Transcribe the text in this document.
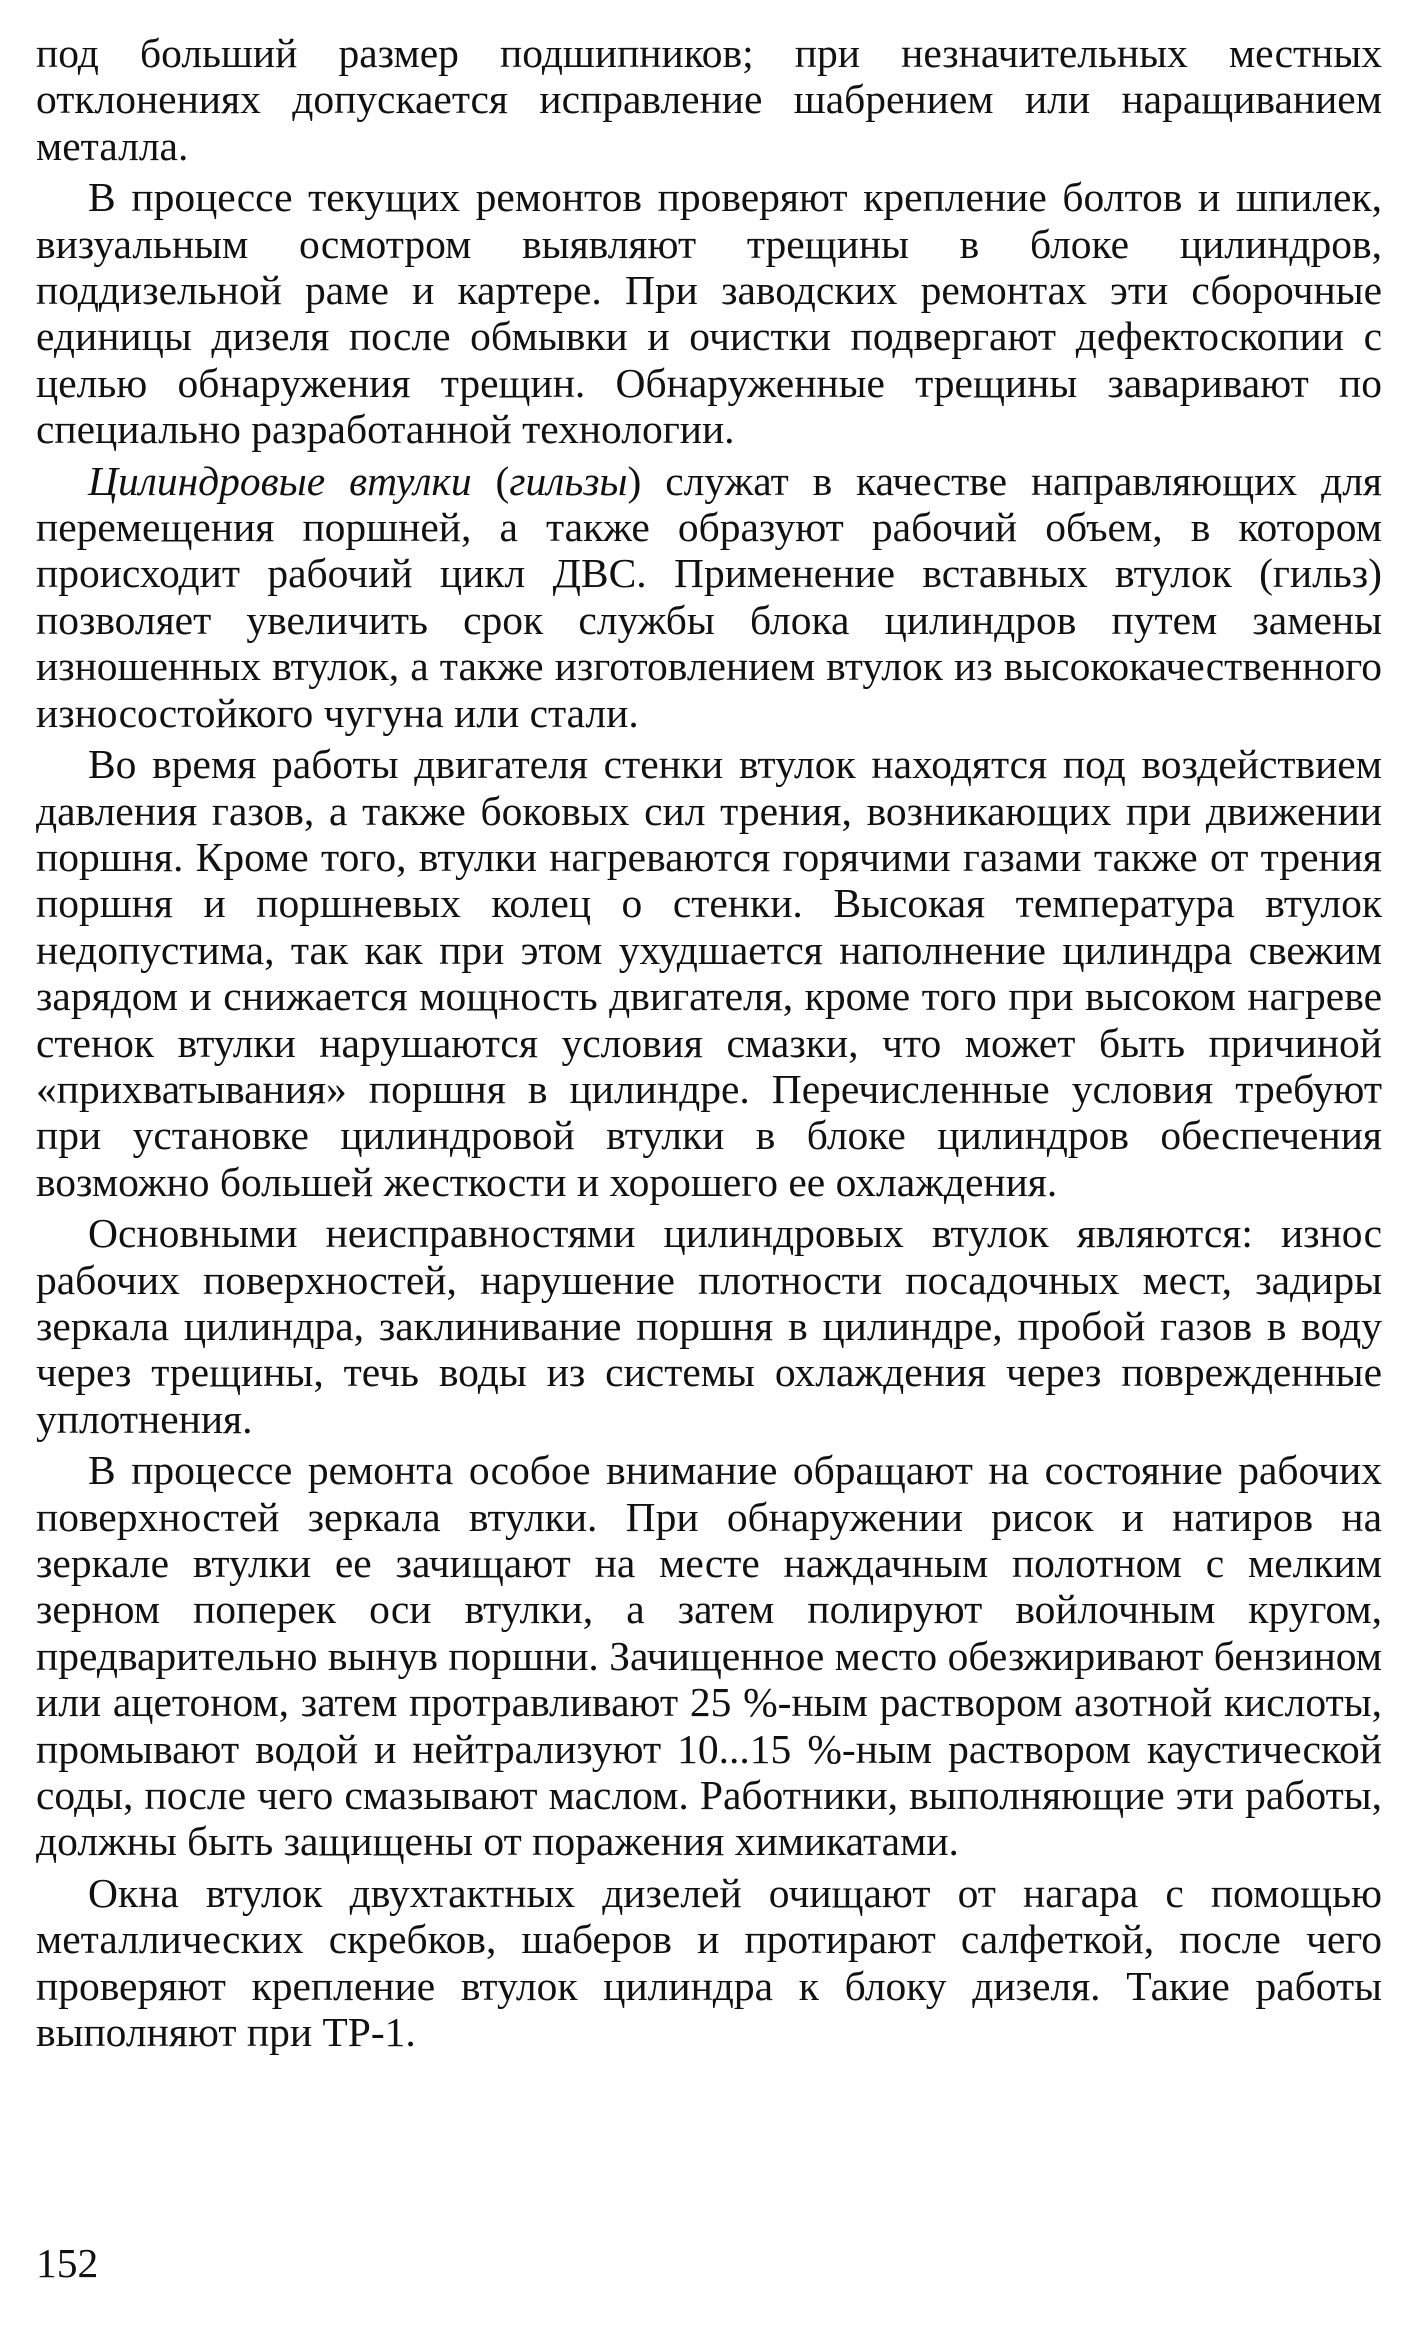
под больший размер подшипников; при незначительных местных отклонениях допускается исправление шабрением или наращиванием металла.

В процессе текущих ремонтов проверяют крепление болтов и шпилек, визуальным осмотром выявляют трещины в блоке цилиндров, поддизельной раме и картере. При заводских ремонтах эти сборочные единицы дизеля после обмывки и очистки подвергают дефектоскопии с целью обнаружения трещин. Обнаруженные трещины заваривают по специально разработанной технологии.

Цилиндровые втулки (гильзы) служат в качестве направляющих для перемещения поршней, а также образуют рабочий объем, в котором происходит рабочий цикл ДВС. Применение вставных втулок (гильз) позволяет увеличить срок службы блока цилиндров путем замены изношенных втулок, а также изготовлением втулок из высококачественного износостойкого чугуна или стали.

Во время работы двигателя стенки втулок находятся под воздействием давления газов, а также боковых сил трения, возникающих при движении поршня. Кроме того, втулки нагреваются горячими газами также от трения поршня и поршневых колец о стенки. Высокая температура втулок недопустима, так как при этом ухудшается наполнение цилиндра свежим зарядом и снижается мощность двигателя, кроме того при высоком нагреве стенок втулки нарушаются условия смазки, что может быть причиной «прихватывания» поршня в цилиндре. Перечисленные условия требуют при установке цилиндровой втулки в блоке цилиндров обеспечения возможно большей жесткости и хорошего ее охлаждения.

Основными неисправностями цилиндровых втулок являются: износ рабочих поверхностей, нарушение плотности посадочных мест, задиры зеркала цилиндра, заклинивание поршня в цилиндре, пробой газов в воду через трещины, течь воды из системы охлаждения через поврежденные уплотнения.

В процессе ремонта особое внимание обращают на состояние рабочих поверхностей зеркала втулки. При обнаружении рисок и натиров на зеркале втулки ее зачищают на месте наждачным полотном с мелким зерном поперек оси втулки, а затем полируют войлочным кругом, предварительно вынув поршни. Зачищенное место обезжиривают бензином или ацетоном, затем протравливают 25 %-ным раствором азотной кислоты, промывают водой и нейтрализуют 10...15 %-ным раствором каустической соды, после чего смазывают маслом. Работники, выполняющие эти работы, должны быть защищены от поражения химикатами.

Окна втулок двухтактных дизелей очищают от нагара с помощью металлических скребков, шаберов и протирают салфеткой, после чего проверяют крепление втулок цилиндра к блоку дизеля. Такие работы выполняют при ТР-1.

152
